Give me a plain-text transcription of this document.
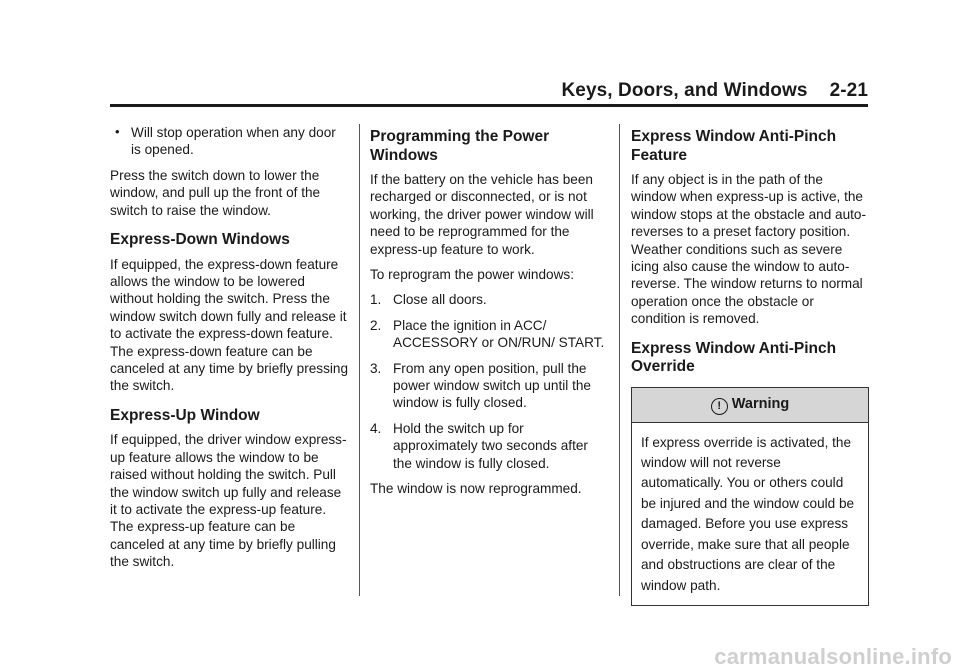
Keys, Doors, and Windows 2-21
• Will stop operation when any door is opened.

Press the switch down to lower the window, and pull up the front of the switch to raise the window.

Express-Down Windows

If equipped, the express-down feature allows the window to be lowered without holding the switch. Press the window switch down fully and release it to activate the express-down feature. The express-down feature can be canceled at any time by briefly pressing the switch.

Express-Up Window

If equipped, the driver window express-up feature allows the window to be raised without holding the switch. Pull the window switch up fully and release it to activate the express-up feature. The express-up feature can be canceled at any time by briefly pulling the switch.

Programming the Power Windows

If the battery on the vehicle has been recharged or disconnected, or is not working, the driver power window will need to be reprogrammed for the express-up feature to work.

To reprogram the power windows:

1. Close all doors.
2. Place the ignition in ACC/ ACCESSORY or ON/RUN/ START.
3. From any open position, pull the power window switch up until the window is fully closed.
4. Hold the switch up for approximately two seconds after the window is fully closed.

The window is now reprogrammed.

Express Window Anti-Pinch Feature

If any object is in the path of the window when express-up is active, the window stops at the obstacle and auto-reverses to a preset factory position. Weather conditions such as severe icing also cause the window to auto-reverse. The window returns to normal operation once the obstacle or condition is removed.

Express Window Anti-Pinch Override
! Warning
If express override is activated, the window will not reverse automatically. You or others could be injured and the window could be damaged. Before you use express override, make sure that all people and obstructions are clear of the window path.
carmanualsonline.info
